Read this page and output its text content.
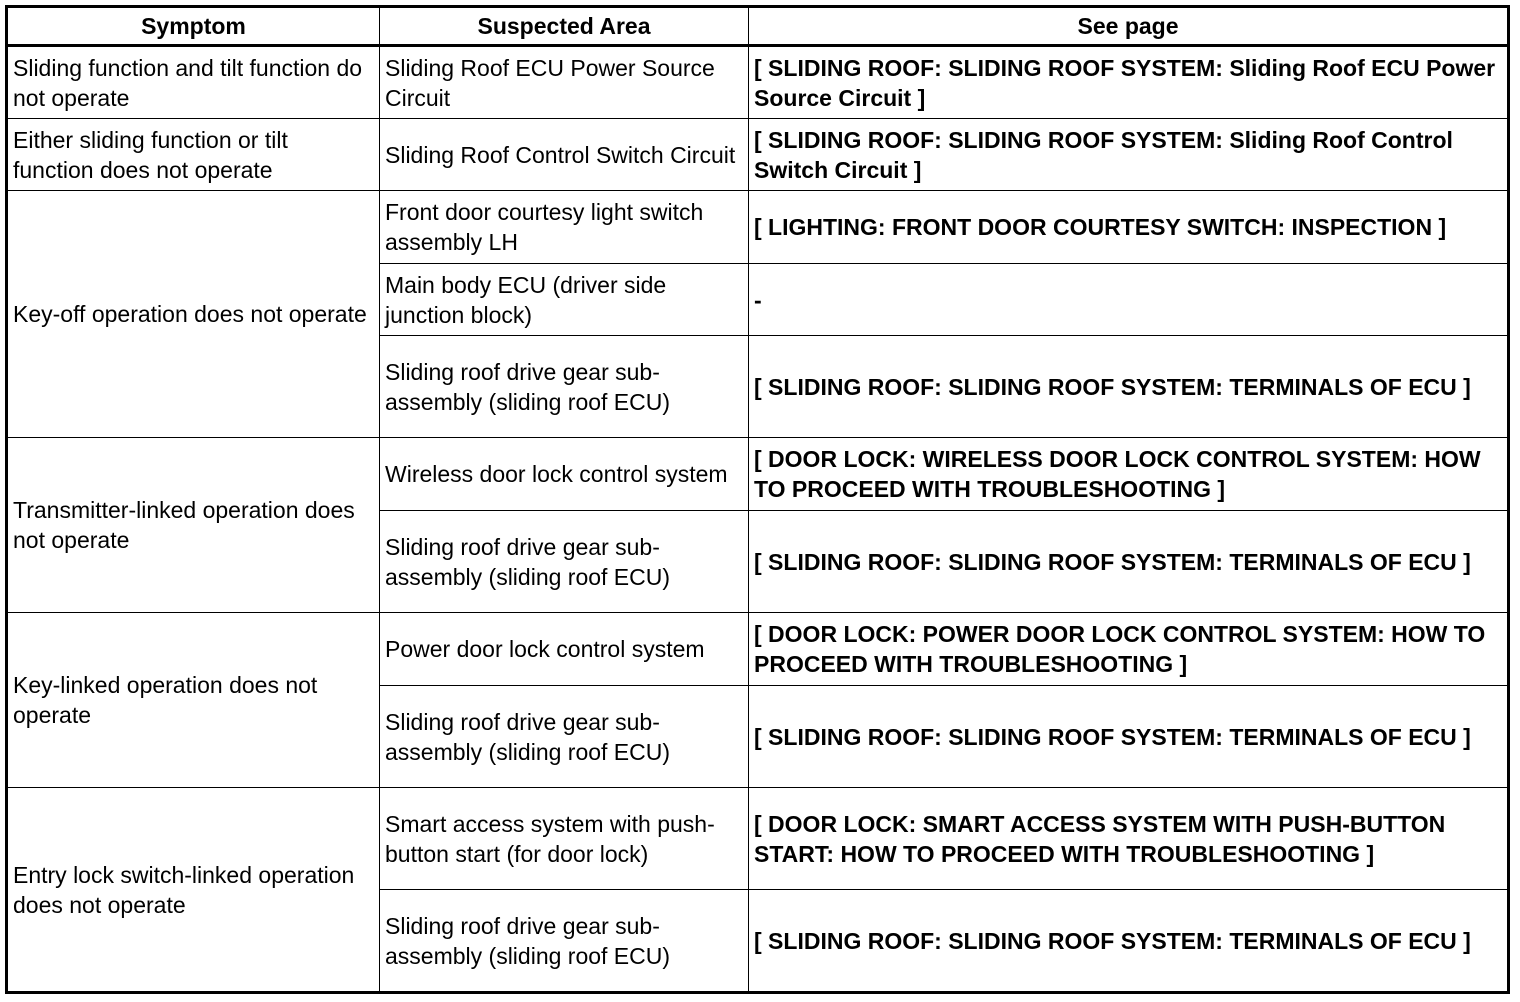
Symptom	Suspected Area	See page
Sliding function and tilt function do not operate	Sliding Roof ECU Power Source Circuit	[ SLIDING ROOF: SLIDING ROOF SYSTEM: Sliding Roof ECU Power Source Circuit ]
Either sliding function or tilt function does not operate	Sliding Roof Control Switch Circuit	[ SLIDING ROOF: SLIDING ROOF SYSTEM: Sliding Roof Control Switch Circuit ]
Key-off operation does not operate	Front door courtesy light switch assembly LH	[ LIGHTING: FRONT DOOR COURTESY SWITCH: INSPECTION ]
	Main body ECU (driver side junction block)	-
	Sliding roof drive gear sub-assembly (sliding roof ECU)	[ SLIDING ROOF: SLIDING ROOF SYSTEM: TERMINALS OF ECU ]
Transmitter-linked operation does not operate	Wireless door lock control system	[ DOOR LOCK: WIRELESS DOOR LOCK CONTROL SYSTEM: HOW TO PROCEED WITH TROUBLESHOOTING ]
	Sliding roof drive gear sub-assembly (sliding roof ECU)	[ SLIDING ROOF: SLIDING ROOF SYSTEM: TERMINALS OF ECU ]
Key-linked operation does not operate	Power door lock control system	[ DOOR LOCK: POWER DOOR LOCK CONTROL SYSTEM: HOW TO PROCEED WITH TROUBLESHOOTING ]
	Sliding roof drive gear sub-assembly (sliding roof ECU)	[ SLIDING ROOF: SLIDING ROOF SYSTEM: TERMINALS OF ECU ]
Entry lock switch-linked operation does not operate	Smart access system with push-button start (for door lock)	[ DOOR LOCK: SMART ACCESS SYSTEM WITH PUSH-BUTTON START: HOW TO PROCEED WITH TROUBLESHOOTING ]
	Sliding roof drive gear sub-assembly (sliding roof ECU)	[ SLIDING ROOF: SLIDING ROOF SYSTEM: TERMINALS OF ECU ]
